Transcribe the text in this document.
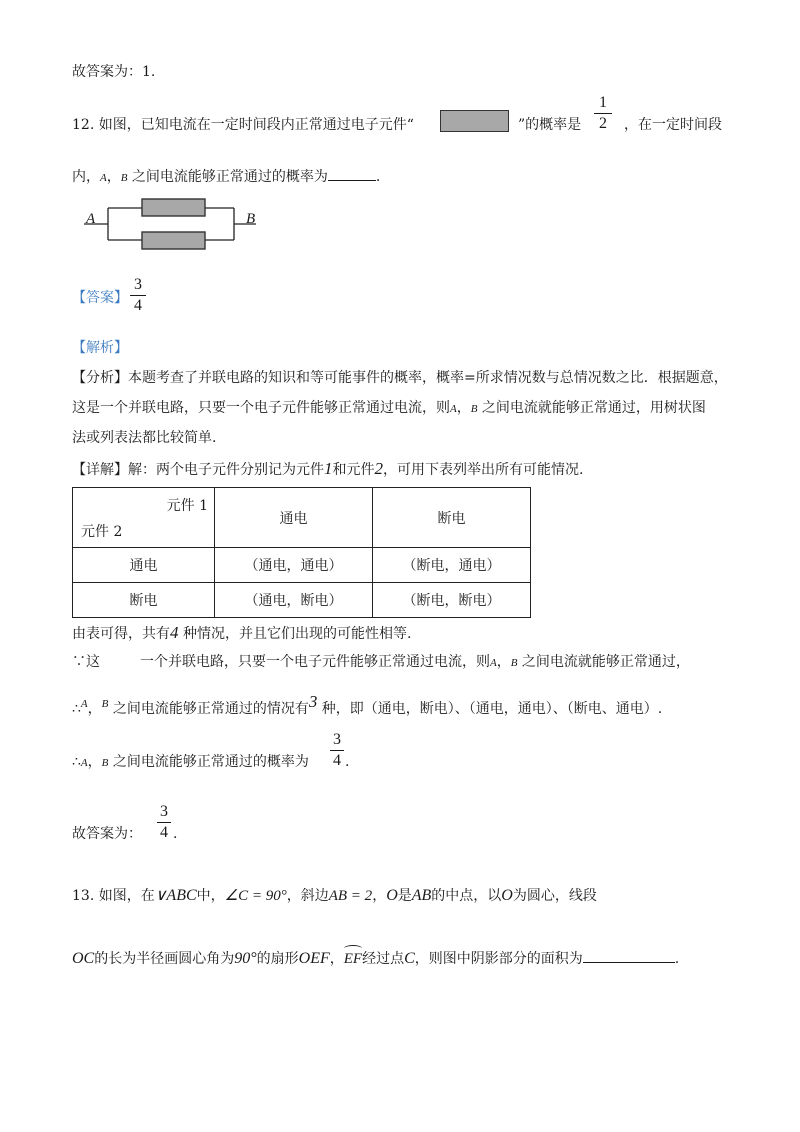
故答案为：1.
12. 如图，已知电流在一定时间段内正常通过电子元件“	”的概率是
1
2	，在一定时间段
内，A，B 之间电流能够正常通过的概率为	.
A	B
【答案】
3
4
【解析】
【分析】本题考查了并联电路的知识和等可能事件的概率，概率=所求情况数与总情况数之比．根据题意，
这是一个并联电路，只要一个电子元件能够正常通过电流，则A，B 之间电流就能够正常通过，用树状图
法或列表法都比较简单.
【详解】解：两个电子元件分别记为元件1和元件2，可用下表列举出所有可能情况.
元件 1
元件 2	通电	断电
通电	（通电，通电）	（断电，通电）
断电	（通电，断电）	（断电，断电）
由表可得，共有4 种情况，并且它们出现的可能性相等.
∵这	一个并联电路，只要一个电子元件能够正常通过电流，则A，B 之间电流就能够正常通过，
∴$^A$，$^B$ 之间电流能够正常通过的情况有3 种，即（通电，断电）、（通电，通电）、（断电、通电）.
∴A，B 之间电流能够正常通过的概率为
3
4 .
故答案为：
3
4 .
13. 如图，在∨ABC中，∠C = 90°，斜边AB = 2，O是AB的中点，以O为圆心，线段
OC的长为半径画圆心角为90°的扇形OEF，
EF经过点C，则图中阴影部分的面积为	.
